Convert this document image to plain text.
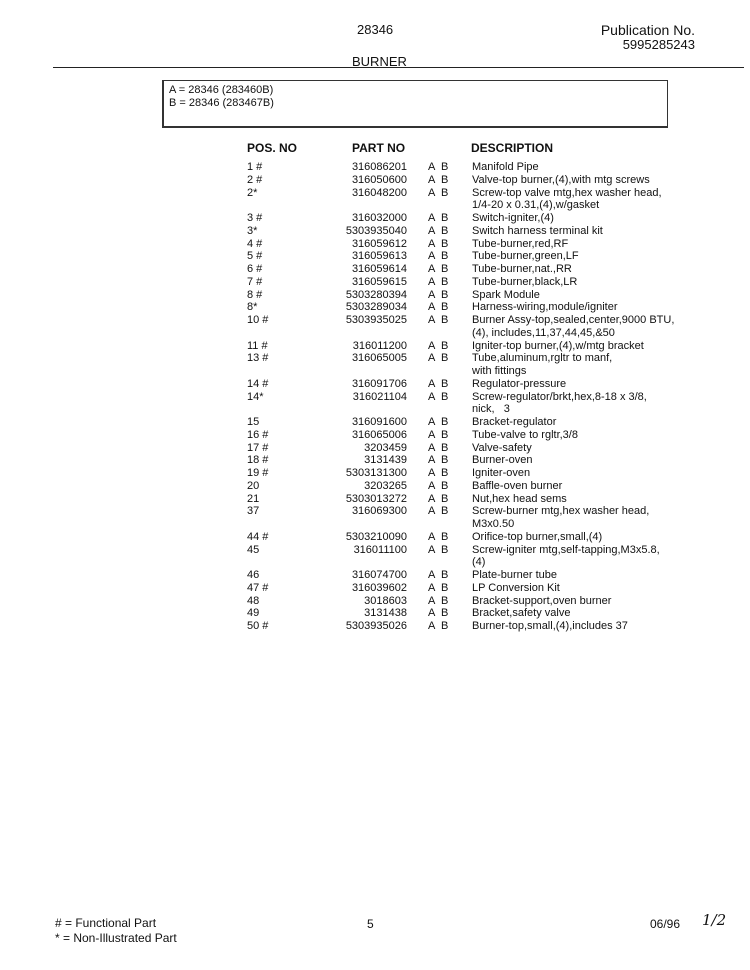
28346	Publication No.
5995285243
BURNER
A = 28346 (283460B)
B = 28346 (283467B)
POS. NO	PART NO	DESCRIPTION
1 #	316086201 A B Manifold Pipe
2 #	316050600 A B Valve-top burner,(4),with mtg screws
2*	316048200 A B Screw-top valve mtg,hex washer head,
1/4-20 x 0.31,(4),w/gasket
3 #	316032000 A B Switch-igniter,(4)
3*	5303935040 A B Switch harness terminal kit
4 #	316059612 A B Tube-burner,red,RF
5 #	316059613 A B Tube-burner,green,LF
6 #	316059614 A B Tube-burner,nat.,RR
7 #	316059615 A B Tube-burner,black,LR
8 #	5303280394 A B Spark Module
8*	5303289034 A B Harness-wiring,module/igniter
10 #	5303935025 A B Burner Assy-top,sealed,center,9000 BTU,
(4), includes,11,37,44,45,&50
11 #	316011200 A B Igniter-top burner,(4),w/mtg bracket
13 #	316065005 A B Tube,aluminum,rgltr to manf,
with fittings
14 #	316091706 A B Regulator-pressure
14*	316021104 A B Screw-regulator/brkt,hex,8-18 x 3/8,
nick,   3
15	316091600 A B Bracket-regulator
16 #	316065006 A B Tube-valve to rgltr,3/8
17 #	3203459 A B Valve-safety
18 #	3131439 A B Burner-oven
19 #	5303131300 A B Igniter-oven
20	3203265 A B Baffle-oven burner
21	5303013272 A B Nut,hex head sems
37	316069300 A B Screw-burner mtg,hex washer head,
M3x0.50
44 #	5303210090 A B Orifice-top burner,small,(4)
45	316011100 A B Screw-igniter mtg,self-tapping,M3x5.8,
(4)
46	316074700 A B Plate-burner tube
47 #	316039602 A B LP Conversion Kit
48	3018603 A B Bracket-support,oven burner
49	3131438 A B Bracket,safety valve
50 #	5303935026 A B Burner-top,small,(4),includes 37
# = Functional Part
* = Non-Illustrated Part
5	06/96 1/2
